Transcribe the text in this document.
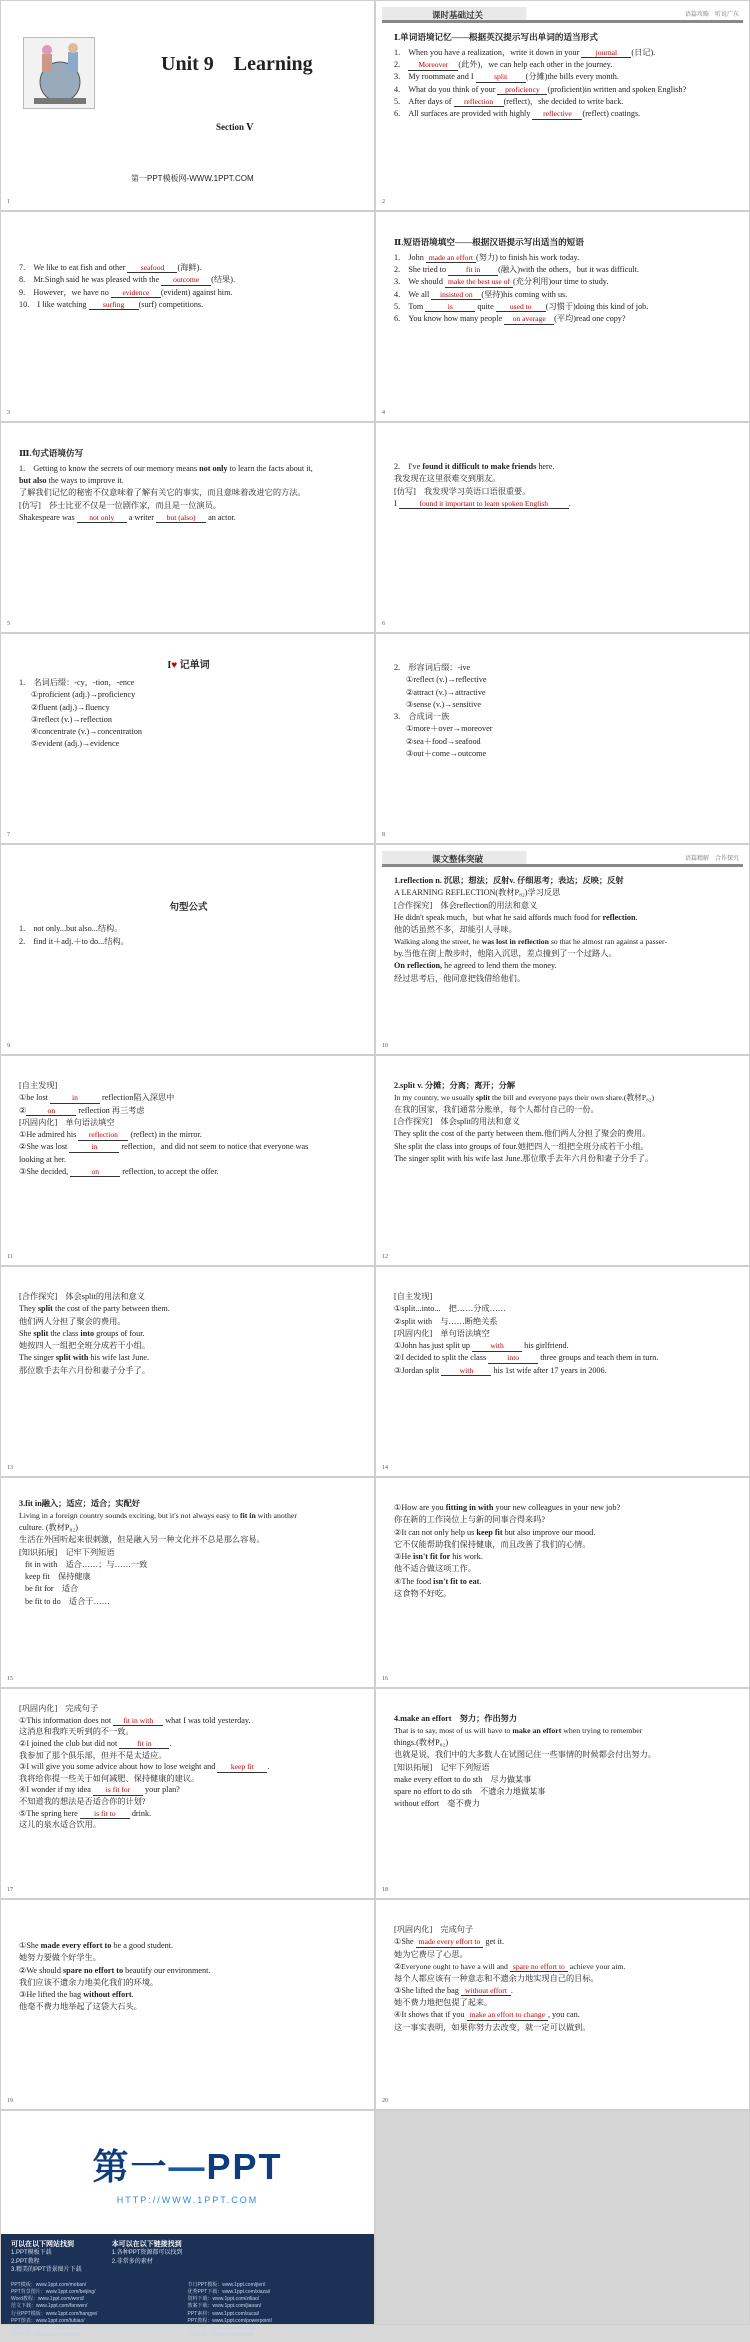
Unit 9　Learning
Section Ⅴ
第一PPT模板网-WWW.1PPT.COM
1
课时基础过关	语篇攻略　听说广东
Ⅰ.单词语境记忆——根据英汉提示写出单词的适当形式
1.　When you have a realization，write it down in your journal (日记).
2.　Moreover (此外)，we can help each other in the journey.
3.　My roommate and I split (分摊)the bills every month.
4.　What do you think of your proficiency (proficient)in written and spoken English?
5.　After days of reflection (reflect)，she decided to write back.
6.　All surfaces are provided with highly reflective (reflect) coatings.
2
7.　We like to eat fish and other seafood (海鲜).
8.　Mr.Singh said he was pleased with the outcome (结果).
9.　However，we have no evidence (evident) against him.
10.　I like watching surfing (surf) competitions.
3
Ⅱ.短语语境填空——根据汉语提示写出适当的短语
1.　John made an effort (努力) to finish his work today.
2.　She tried to fit in (融入)with the others，but it was difficult.
3.　We should make the best use of (充分利用)our time to study.
4.　We all insisted on (坚持)his coming with us.
5.　Tom	is	quite used to (习惯于)doing this kind of job.
6.　You know how many people on average (平均)read one copy?
4
Ⅲ.句式语境仿写
1.　Getting to know the secrets of our memory means not only to learn the facts about it,
but also the ways to improve it.
了解我们记忆的秘密不仅意味着了解有关它的事实，而且意味着改进它的方法。
[仿写]　莎士比亚不仅是一位剧作家，而且是一位演员。
Shakespeare was not only a writer but (also) an actor.
5
2.　I've found it difficult to make friends here.
我发现在这里很难交到朋友。
[仿写]　我发现学习英语口语很重要。
I	found it important to learn spoken English	.
6
I♥ 记单词
1.　名词后缀：-cy，-tion，-ence
①proficient (adj.)→proficiency
②fluent (adj.)→fluency
③reflect (v.)→reflection
④concentrate (v.)→concentration
⑤evident (adj.)→evidence
7
2.　形容词后缀：-ive
①reflect (v.)→reflective
②attract (v.)→attractive
③sense (v.)→sensitive
3.　合成词一族
①more＋over→moreover
②sea＋food→seafood
③out＋come→outcome
8
句型公式
1.　not only...but also...结构。
2.　find it＋adj.＋to do...结构。
9
课文整体突破	语篇精解　合作探究
1.reflection n. 沉思；想法；反射v. 仔细思考；表达；反映；反射
A LEARNING REFLECTION(教材P₈₂)学习反思
[合作探究]　体会reflection的用法和意义
He didn't speak much，but what he said affords much food for reflection.
他的话虽然不多，却能引人寻味。
Walking along the street, he was lost in reflection so that he almost ran against a passer-
by.当他在街上散步时，他陷入沉思，差点撞到了一个过路人。
On reflection, he agreed to lend them the money.
经过思考后，他同意把钱借给他们。
10
[自主发现]
①be lost	in	reflection陷入深思中
②	on	reflection 再三考虑
[巩固内化]　单句语法填空
①He admired his reflection (reflect) in the mirror.
②She was lost	in	reflection，and did not seem to notice that everyone was
looking at her.
③She decided,	on	reflection, to accept the offer.
11
2.split v. 分摊；分离；离开；分解
In my country, we usually split the bill and everyone pays their own share.(教材P₈₂)
在我的国家，我们通常分账单，每个人都付自己的一份。
[合作探究]　体会split的用法和意义
They split the cost of the party between them.他们两人分担了聚会的费用。
She split the class into groups of four.她把四人一组把全班分成若干小组。
The singer split with his wife last June.那位歌手去年六月份和妻子分手了。
12
[合作探究]　体会split的用法和意义
They split the cost of the party between them.
他们两人分担了聚会的费用。
She split the class into groups of four.
她按四人一组把全班分成若干小组。
The singer split with his wife last June.
那位歌手去年六月份和妻子分手了。
13
[自主发现]
①split...into...　把……分成……
②split with　与……断绝关系
[巩固内化]　单句语法填空
①John has just split up with his girlfriend.
②I decided to split the class	into three groups and teach them in turn.
③Jordan split with his 1st wife after 17 years in 2006.
14
3.fit in融入；适应；适合；实配好
Living in a foreign country sounds exciting, but it's not always easy to fit in with another
culture. (教材P₈₂)
生活在外国听起来很刺激，但是融入另一种文化并不总是那么容易。
[知识拓展]　记牢下列短语
fit in with　适合……；与……一致
keep fit　保持健康
be fit for　适合
be fit to do　适合于……
15
①How are you fitting in with your new colleagues in your new job?
你在新的工作岗位上与新的同事合得来吗?
②It can not only help us keep fit but also improve our mood.
它不仅能帮助我们保持健康，而且改善了我们的心情。
③He isn't fit for his work.
他不适合做这项工作。
④The food isn't fit to eat.
这食物不好吃。
16
[巩固内化]　完成句子
①This information does not fit in with what I was told yesterday.
这消息和我昨天听到的不一致。
②I joined the club but did not fit in .
我参加了那个俱乐部，但并不是太适应。
③I will give you some advice about how to lose weight and keep fit .
我将给你提一些关于如何减肥、保持健康的建议。
④I wonder if my idea is fit for your plan?
不知道我的想法是否适合你的计划?
⑤The spring here is fit to drink.
这儿的泉水适合饮用。
17
4.make an effort　 努力；作出努力
That is to say, most of us will have to make an effort when trying to remember
things.(教材P₈₂)
也就是说，我们中的大多数人在试图记住一些事情的时候都会付出努力。
[知识拓展]　记牢下列短语
make every effort to do sth　尽力做某事
spare no effort to do sth　不遗余力地做某事
without effort　毫不费力
18
①She made every effort to be a good student.
她努力要做个好学生。
②We should spare no effort to beautify our environment.
我们应该不遗余力地美化我们的环境。
③He lifted the bag without effort.
他毫不费力地举起了这袋大石头。
19
[巩固内化]　完成句子
①She made every effort to get it.
她为它费尽了心思。
②Everyone ought to have a will and spare no effort to achieve your aim.
每个人都应该有一种意志和不遗余力地实现自己的目标。
③She lifted the bag without effort .
她不费力地把包提了起来。
④It shows that if you make an effort to change , you can.
这一事实表明，如果你努力去改变，就一定可以做到。
20
第一—PPT
HTTP://WWW.1PPT.COM
可以在以下网站找到
1.PPT模板下载
2.PPT教程
3.精美的PPT背景图片下载
本可以在以下链接找到
1.各种PPT资源都可以找到
2.非常多的素材
PPT模板：www.1ppt.com/moban/	节日PPT模板：www.1ppt.com/jieri/
PPT背景图片：www.1ppt.com/beijing/	优秀PPT下载：www.1ppt.com/xiazai/
Word教程：www.1ppt.com/word/	资料下载：www.1ppt.com/ziliao/
范文下载：www.1ppt.com/fanwen/	教案下载：www.1ppt.com/jiaoan/
行业PPT模板：www.1ppt.com/hangye/	PPT素材：www.1ppt.com/sucai/
PPT图表：www.1ppt.com/tubiao/	PPT教程：www.1ppt.com/powerpoint/
Excel教程：www.1ppt.com/excel/	PPT课件：www.1ppt.com/kejian/
试卷下载：www.1ppt.com/shiti/	字体下载：www.1ppt.com/ziti/
